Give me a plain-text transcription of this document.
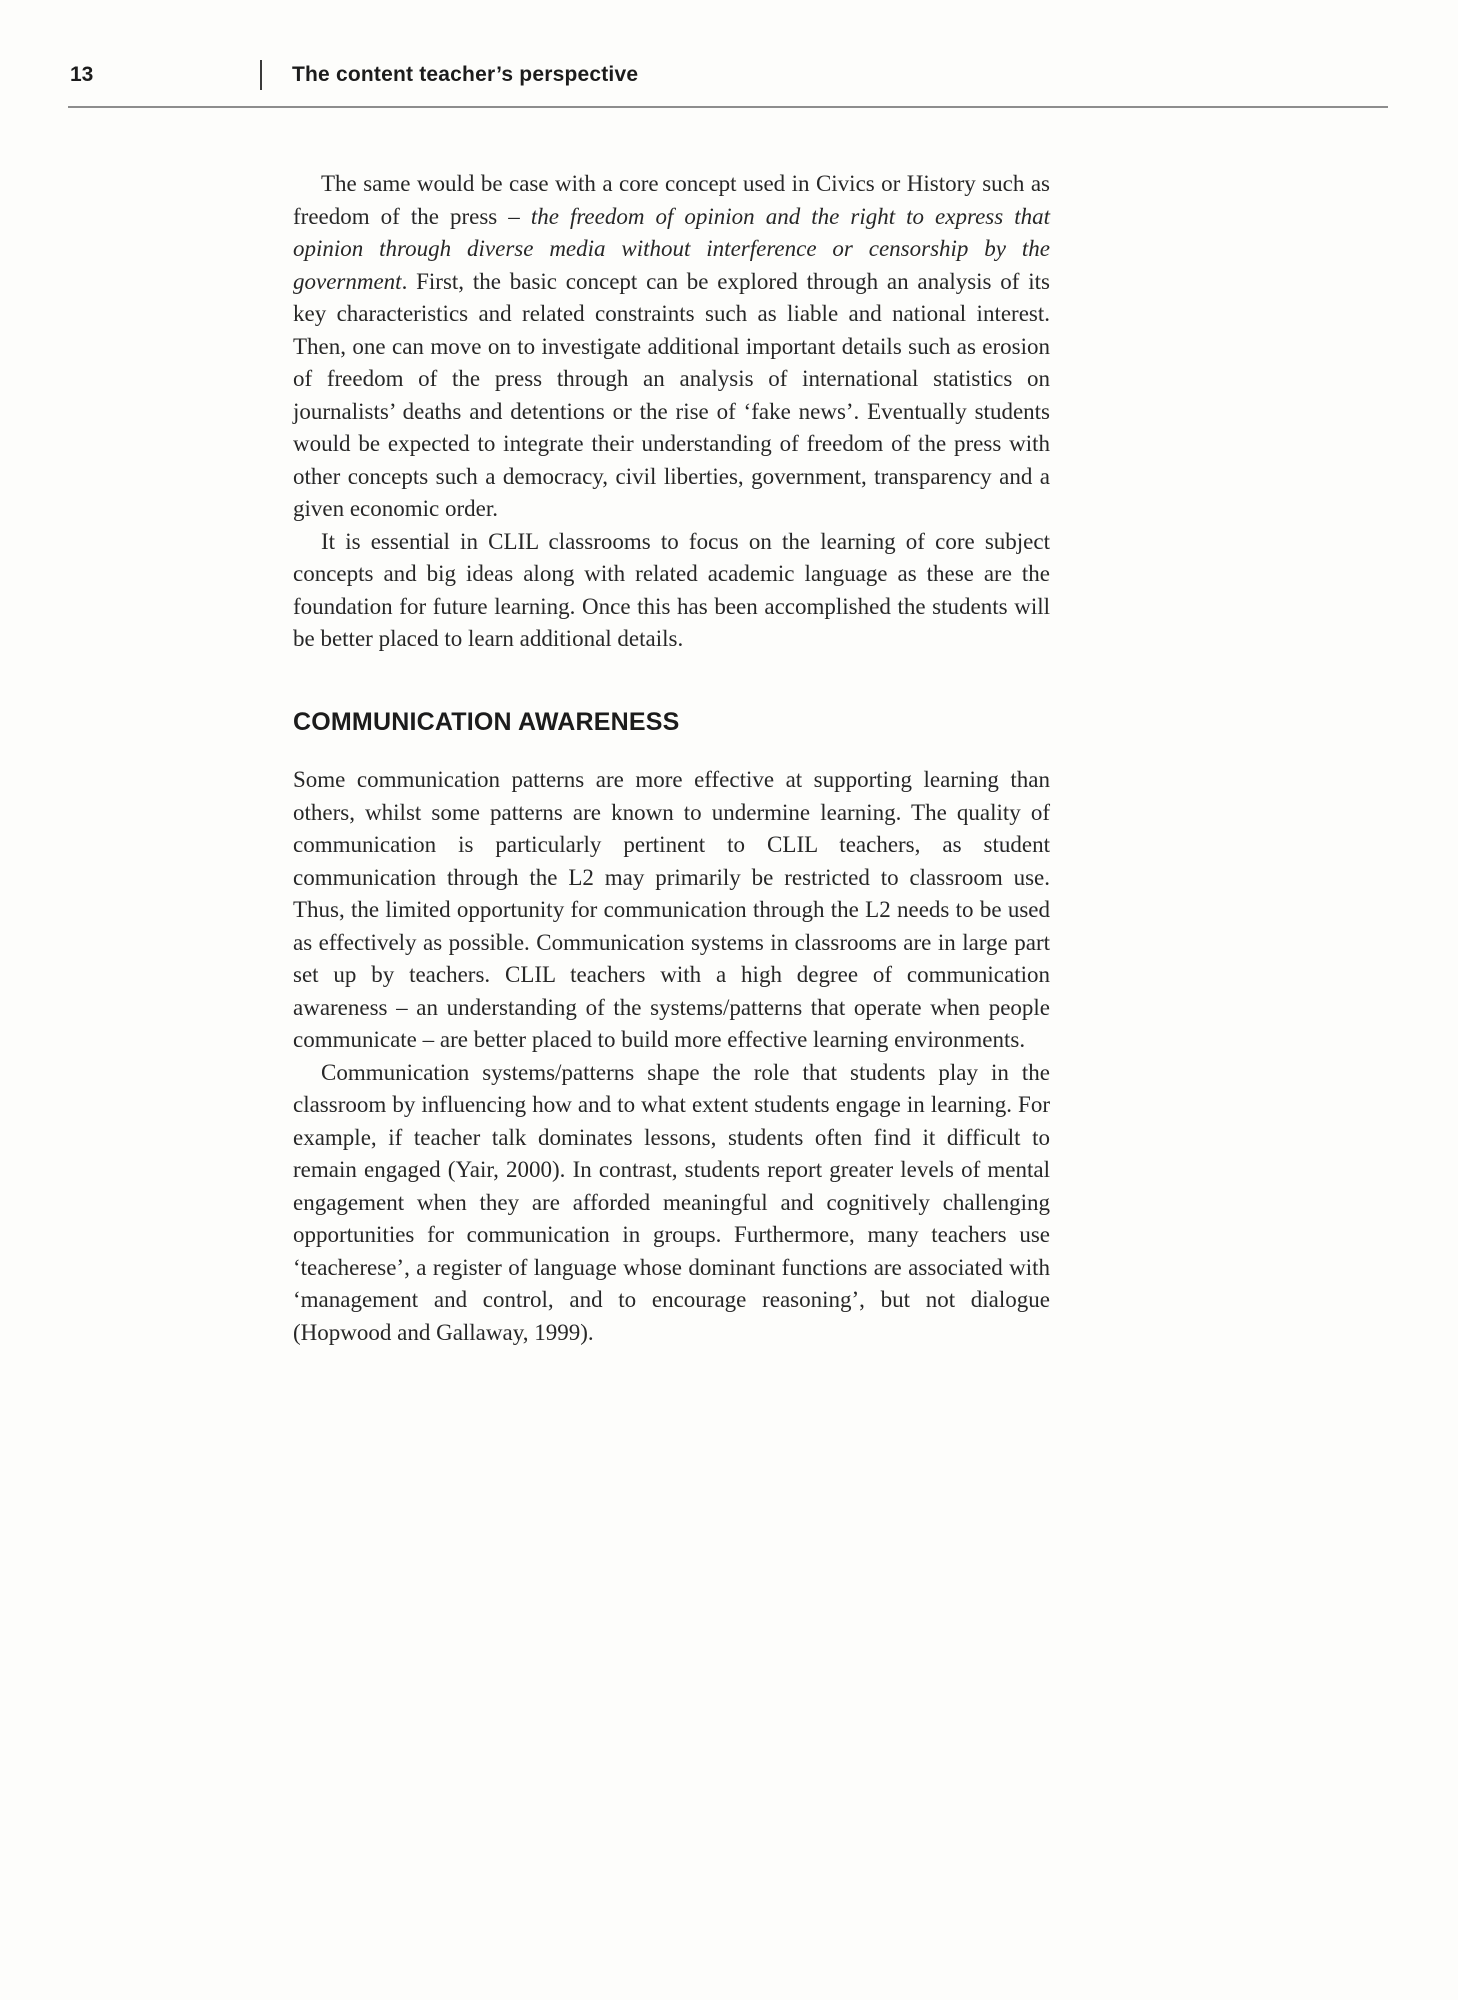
13	The content teacher’s perspective

The same would be case with a core concept used in Civics or History such as freedom of the press – the freedom of opinion and the right to express that opinion through diverse media without interference or censorship by the government. First, the basic concept can be explored through an analysis of its key characteristics and related constraints such as liable and national interest. Then, one can move on to investigate additional important details such as erosion of freedom of the press through an analysis of international statistics on journalists’ deaths and detentions or the rise of ‘fake news’. Eventually students would be expected to integrate their understanding of freedom of the press with other concepts such a democracy, civil liberties, government, transparency and a given economic order.

It is essential in CLIL classrooms to focus on the learning of core subject concepts and big ideas along with related academic language as these are the foundation for future learning. Once this has been accomplished the students will be better placed to learn additional details.

COMMUNICATION AWARENESS

Some communication patterns are more effective at supporting learning than others, whilst some patterns are known to undermine learning. The quality of communication is particularly pertinent to CLIL teachers, as student communication through the L2 may primarily be restricted to classroom use. Thus, the limited opportunity for communication through the L2 needs to be used as effectively as possible. Communication systems in classrooms are in large part set up by teachers. CLIL teachers with a high degree of communication awareness – an understanding of the systems/patterns that operate when people communicate – are better placed to build more effective learning environments.

Communication systems/patterns shape the role that students play in the classroom by influencing how and to what extent students engage in learning. For example, if teacher talk dominates lessons, students often find it difficult to remain engaged (Yair, 2000). In contrast, students report greater levels of mental engagement when they are afforded meaningful and cognitively challenging opportunities for communication in groups. Furthermore, many teachers use ‘teacherese’, a register of language whose dominant functions are associated with ‘management and control, and to encourage reasoning’, but not dialogue (Hopwood and Gallaway, 1999).
